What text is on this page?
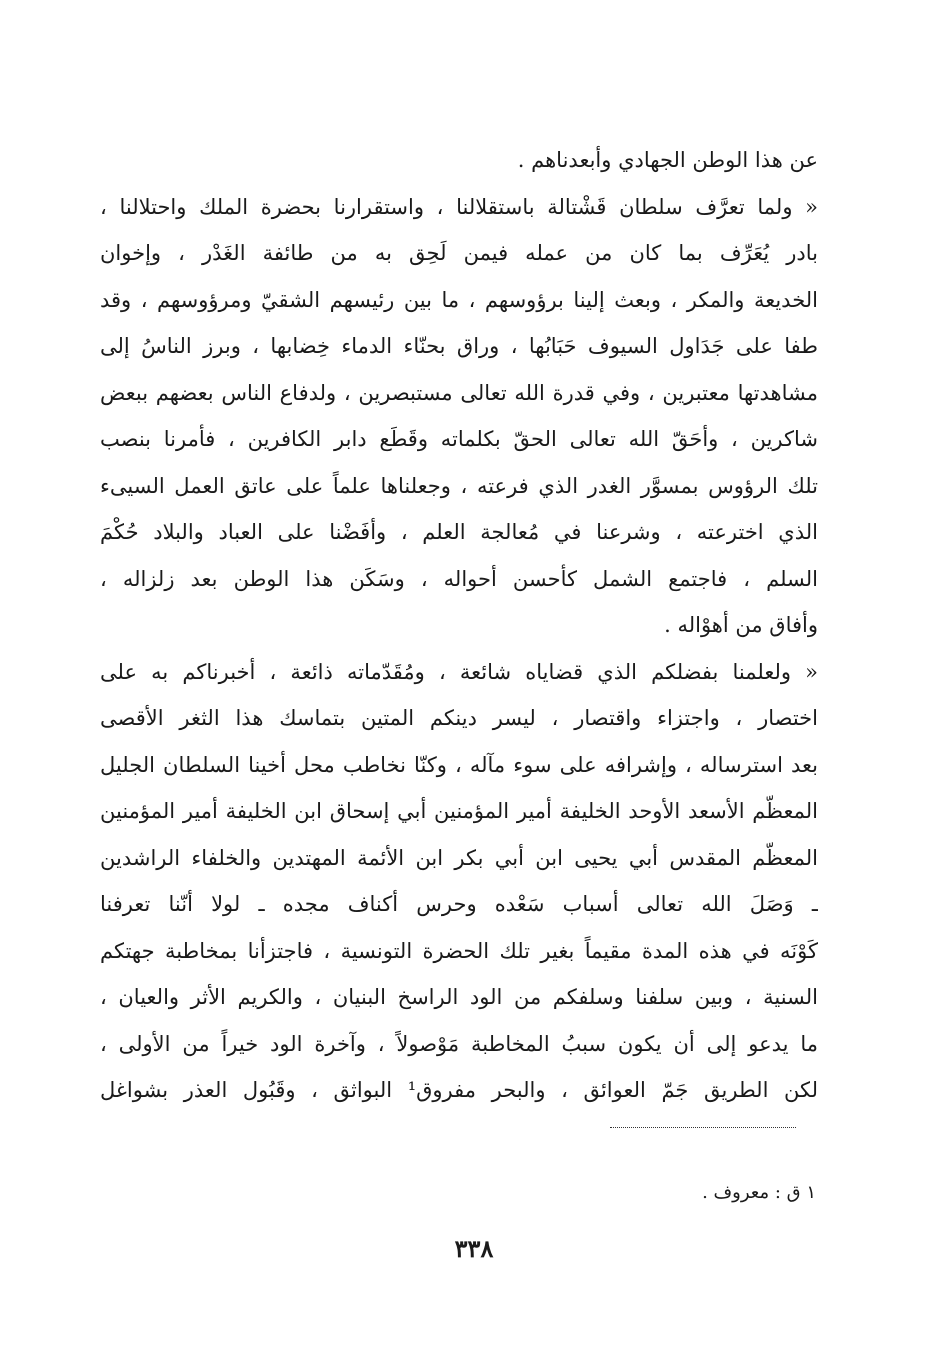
عن هذا الوطن الجهادي وأبعدناهم .
« ولما تعرَّف سلطان قَشْتالة باستقلالنا ، واستقرارنا بحضرة الملك واحتلالنا ،
بادر يُعَرِّف بما كان من عمله فيمن لَحِق به من طائفة الغَدْر ، وإخوان
الخديعة والمكر ، وبعث إلينا برؤوسهم ، ما بين رئيسهم الشقيّ ومرؤوسهم ، وقد
طفا على جَدَاول السيوف حَبَابُها ، وراق بحنّاء الدماء خِضابها ، وبرز الناسُ إلى
مشاهدتها معتبرين ، وفي قدرة الله تعالى مستبصرين ، ولدفاع الناس بعضهم ببعض
شاكرين ، وأحَقّ الله تعالى الحقّ بكلماته وقَطَع دابر الكافرين ، فأمرنا بنصب
تلك الرؤوس بمسوَّر الغدر الذي فرعته ، وجعلناها علماً على عاتق العمل السيىء
الذي اخترعته ، وشرعنا في مُعالجة العلم ، وأفَضْنا على العباد والبلاد حُكْمَ
السلم ، فاجتمع الشمل كأحسن أحواله ، وسَكَن هذا الوطن بعد زلزاله ،
وأفاق من أهوْاله .
« ولعلمنا بفضلكم الذي قضاياه شائعة ، ومُقَدّماته ذائعة ، أخبرناكم به على
اختصار ، واجتزاء واقتصار ، ليسر دينكم المتين بتماسك هذا الثغر الأقصى
بعد استرساله ، وإشرافه على سوء مآله ، وكنّا نخاطب محل أخينا السلطان الجليل
المعظّم الأسعد الأوحد الخليفة أمير المؤمنين أبي إسحاق ابن الخليفة أمير المؤمنين
المعظّم المقدس أبي يحيى ابن أبي بكر ابن الأئمة المهتدين والخلفاء الراشدين
ـ وَصَلَ الله تعالى أسباب سَعْده وحرس أكناف مجده ـ لولا أنّنا تعرفنا
كَوْنَه في هذه المدة مقيماً بغير تلك الحضرة التونسية ، فاجتزأنا بمخاطبة جهتكم
السنية ، وبين سلفنا وسلفكم من الود الراسخ البنيان ، والكريم الأثر والعيان ،
ما يدعو إلى أن يكون سببُ المخاطبة مَوْصولاً ، وآخرة الود خيراً من الأولى ،
لكن الطريق جَمّ العوائق ، والبحر مفروق¹ البواثق ، وقَبُول العذر بشواغل
١ ق : معروف .
٣٣٨
